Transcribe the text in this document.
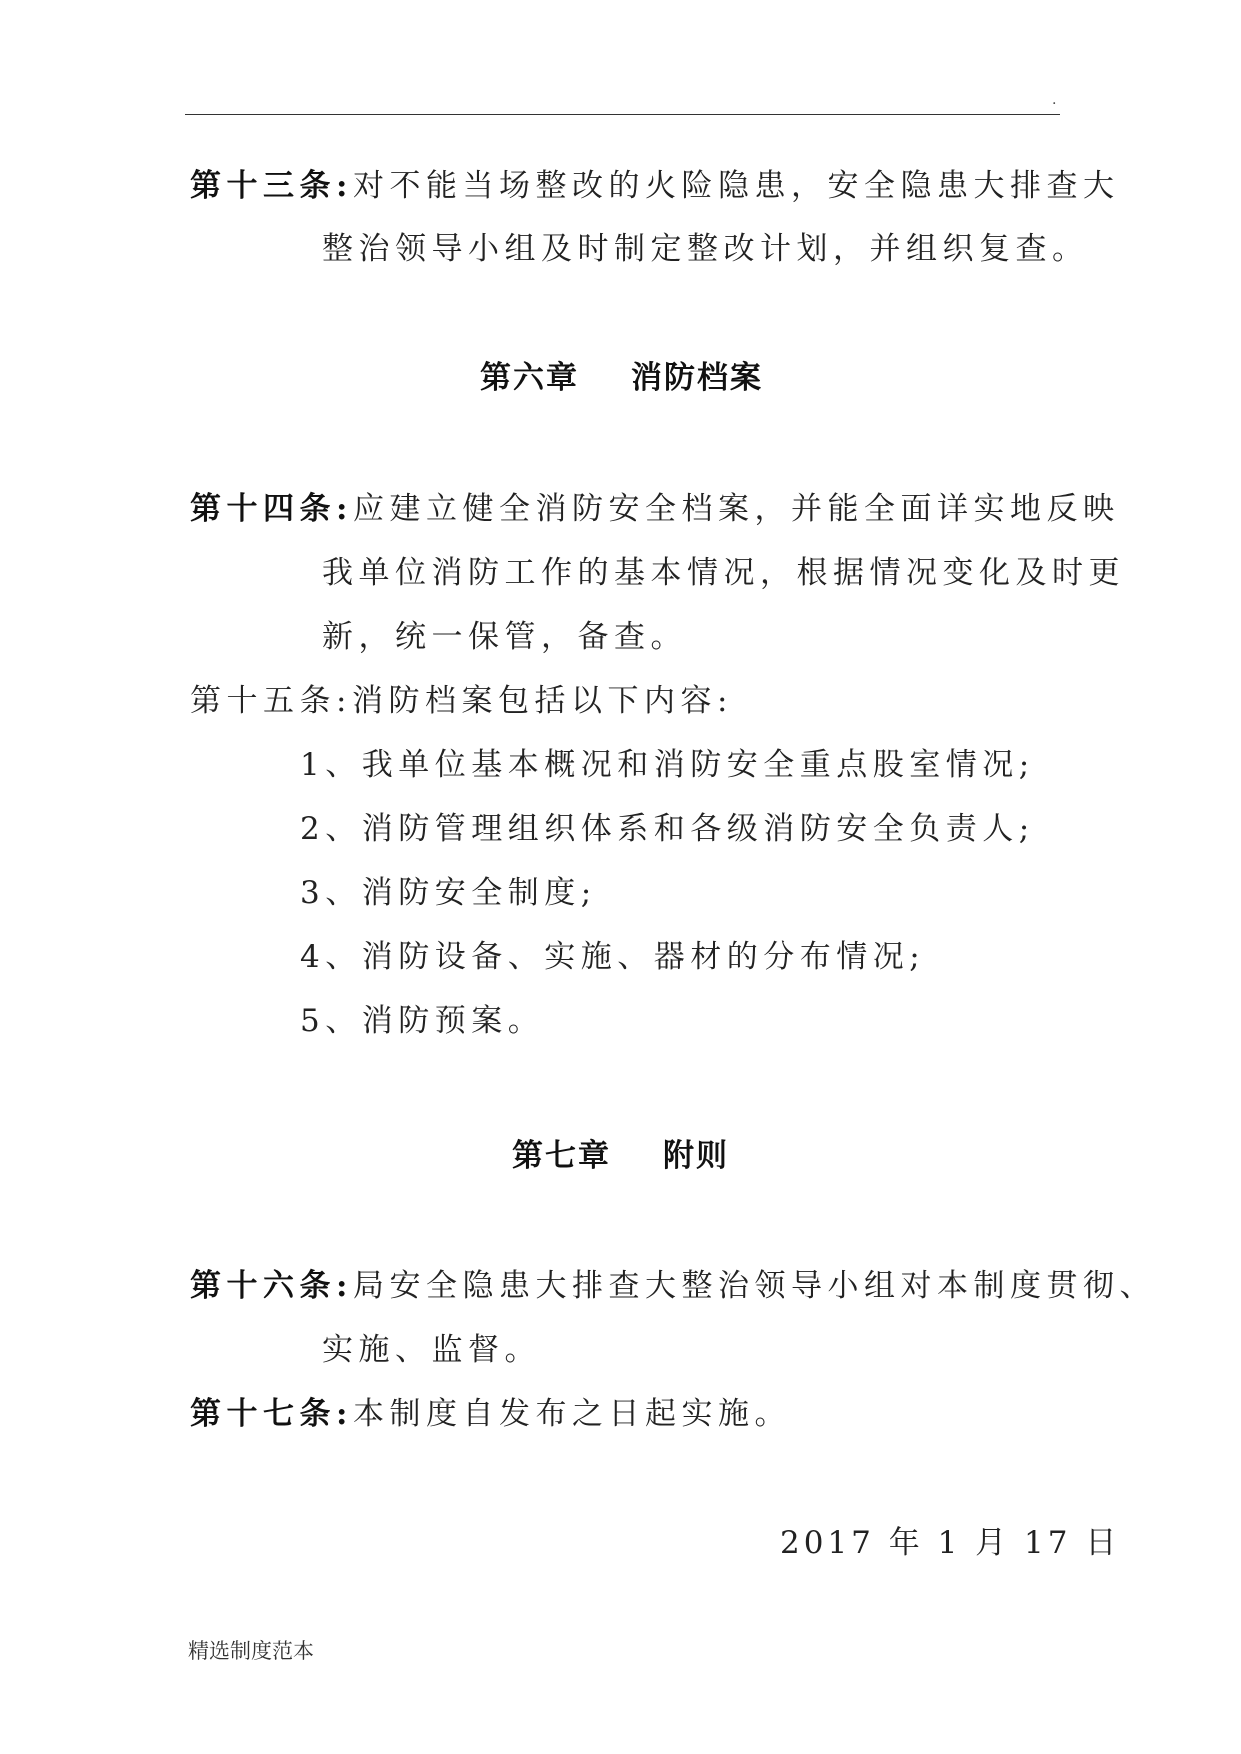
.
第十三条:对不能当场整改的火险隐患，安全隐患大排查大
整治领导小组及时制定整改计划，并组织复查。
第六章 消防档案
第十四条:应建立健全消防安全档案，并能全面详实地反映
我单位消防工作的基本情况，根据情况变化及时更
新，统一保管，备查。
第十五条:消防档案包括以下内容:
1、我单位基本概况和消防安全重点股室情况;
2、消防管理组织体系和各级消防安全负责人;
3、消防安全制度;
4、消防设备、实施、器材的分布情况;
5、消防预案。
第七章 附则
第十六条:局安全隐患大排查大整治领导小组对本制度贯彻、
实施、监督。
第十七条:本制度自发布之日起实施。
2017 年 1 月 17 日
精选制度范本
